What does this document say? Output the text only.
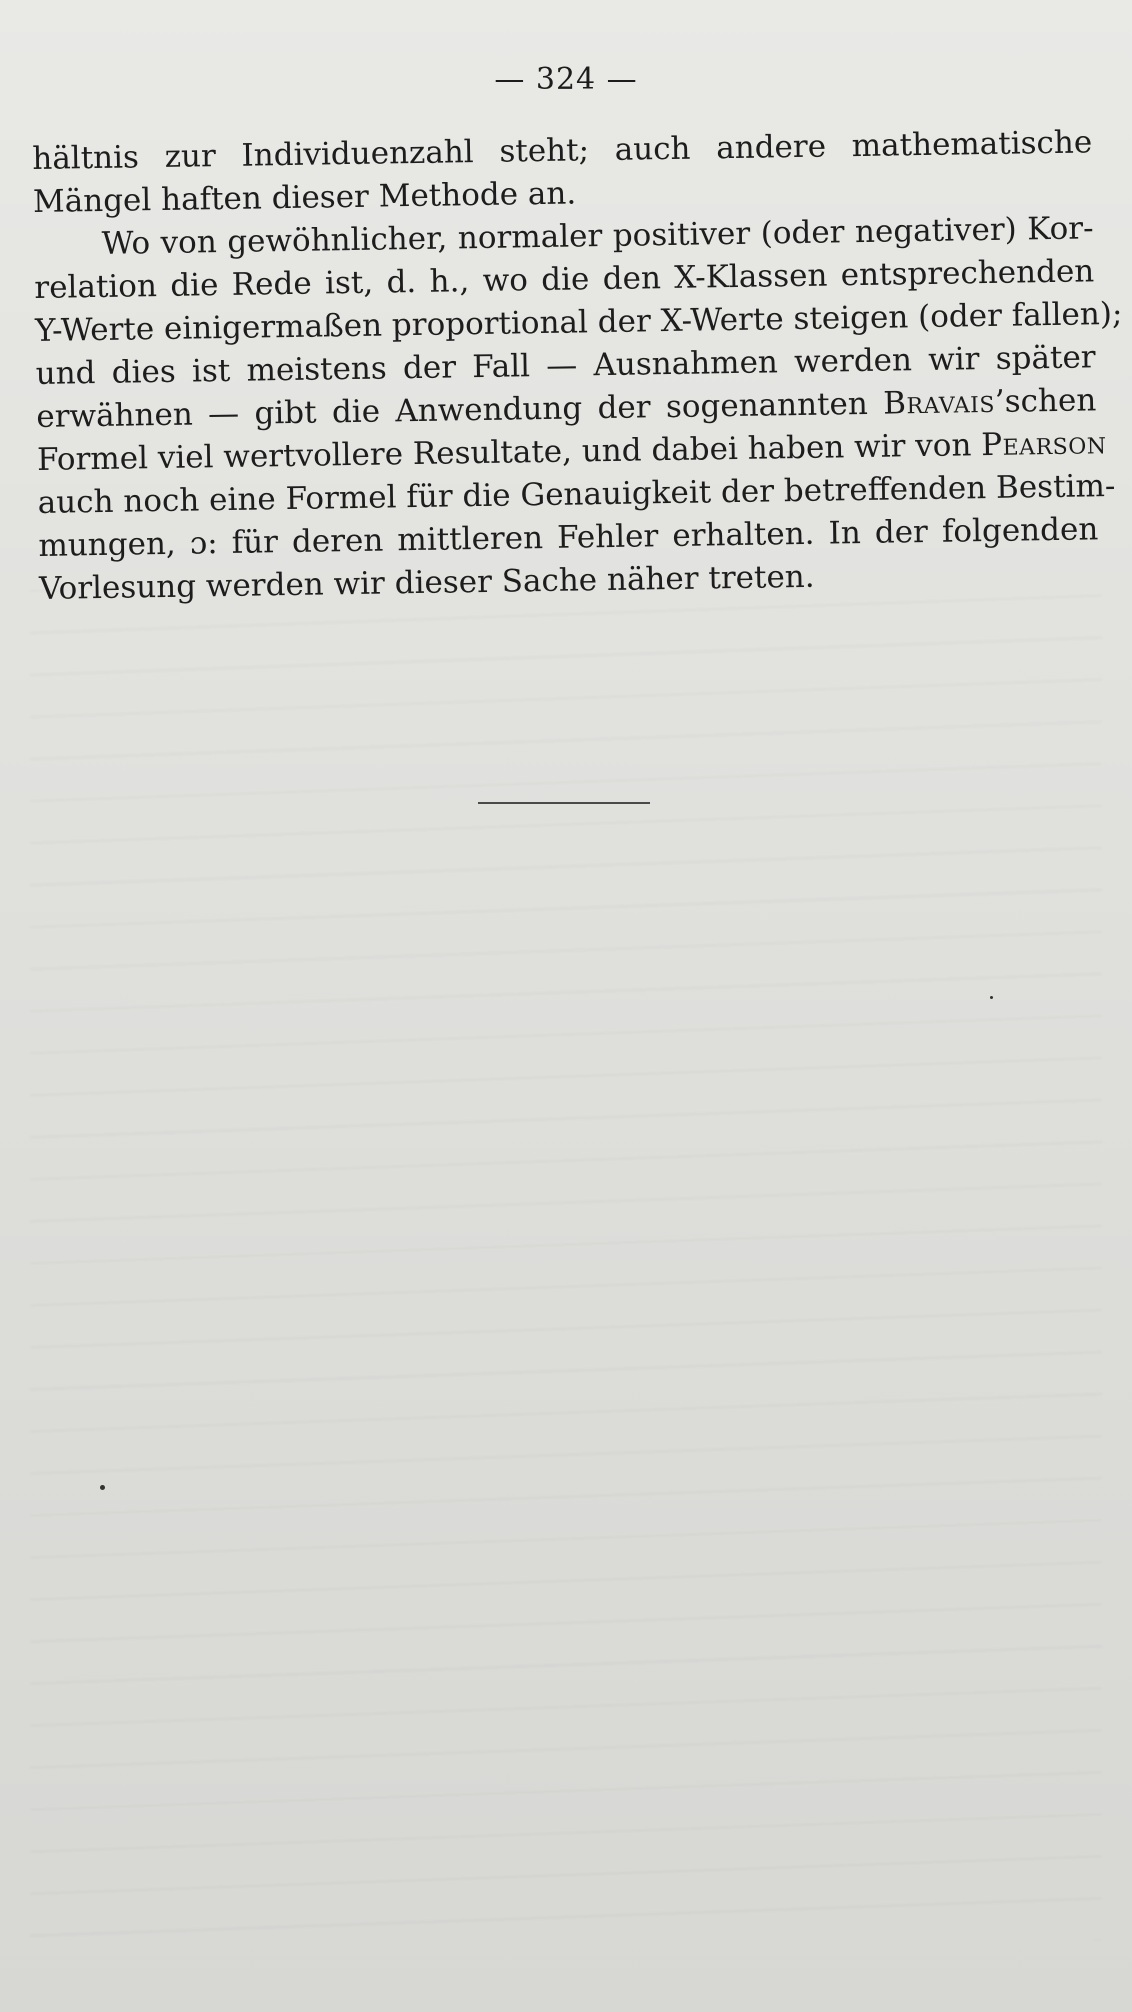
— 324 —
hältnis zur Individuenzahl steht; auch andere mathematische
Mängel haften dieser Methode an.
Wo von gewöhnlicher, normaler positiver (oder negativer) Kor-
relation die Rede ist, d. h., wo die den X-Klassen entsprechenden
Y-Werte einigermaßen proportional der X-Werte steigen (oder fallen);
und dies ist meistens der Fall — Ausnahmen werden wir später
erwähnen — gibt die Anwendung der sogenannten Bravais’schen
Formel viel wertvollere Resultate, und dabei haben wir von Pearson
auch noch eine Formel für die Genauigkeit der betreffenden Bestim-
mungen, ɔ: für deren mittleren Fehler erhalten. In der folgenden
Vorlesung werden wir dieser Sache näher treten.
